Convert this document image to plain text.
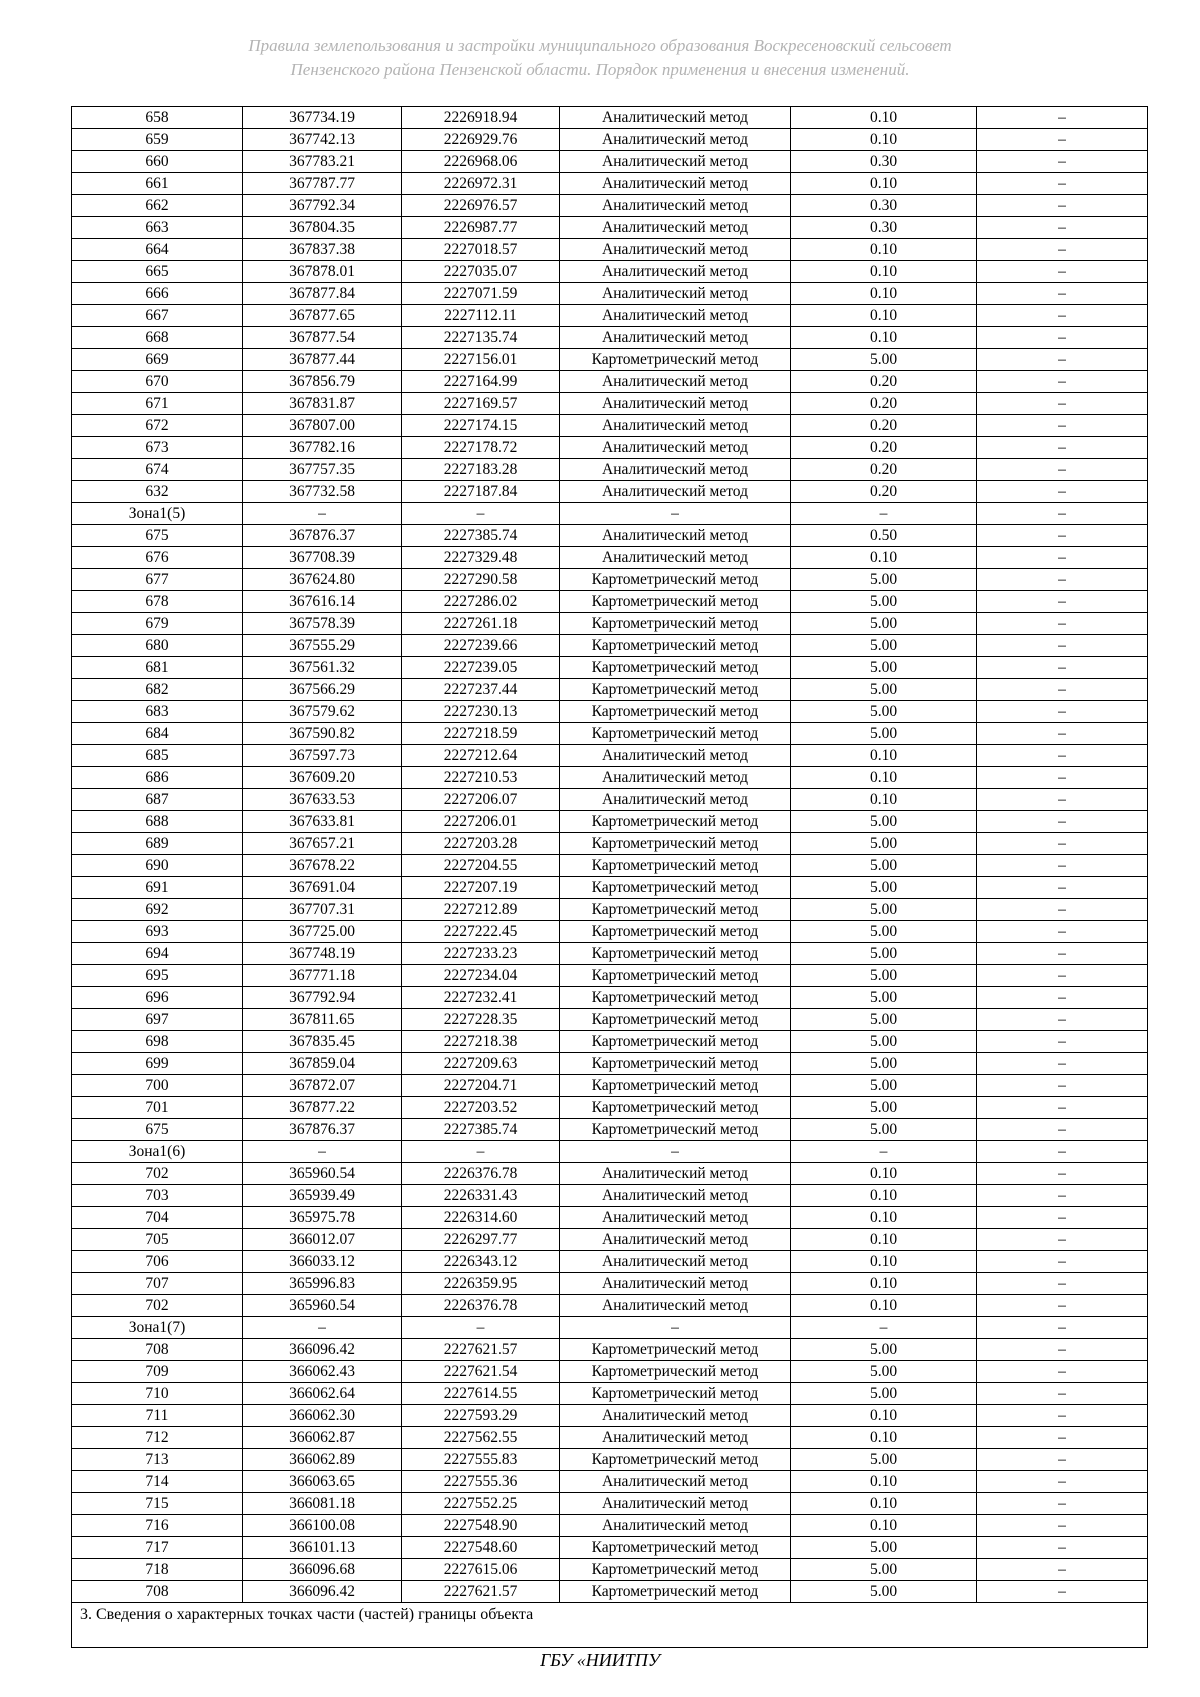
Правила землепользования и застройки муниципального образования Воскресеновский сельсовет
Пензенского района Пензенской области. Порядок применения и внесения изменений.
658	367734.19	2226918.94	Аналитический метод	0.10	–
659	367742.13	2226929.76	Аналитический метод	0.10	–
660	367783.21	2226968.06	Аналитический метод	0.30	–
661	367787.77	2226972.31	Аналитический метод	0.10	–
662	367792.34	2226976.57	Аналитический метод	0.30	–
663	367804.35	2226987.77	Аналитический метод	0.30	–
664	367837.38	2227018.57	Аналитический метод	0.10	–
665	367878.01	2227035.07	Аналитический метод	0.10	–
666	367877.84	2227071.59	Аналитический метод	0.10	–
667	367877.65	2227112.11	Аналитический метод	0.10	–
668	367877.54	2227135.74	Аналитический метод	0.10	–
669	367877.44	2227156.01	Картометрический метод	5.00	–
670	367856.79	2227164.99	Аналитический метод	0.20	–
671	367831.87	2227169.57	Аналитический метод	0.20	–
672	367807.00	2227174.15	Аналитический метод	0.20	–
673	367782.16	2227178.72	Аналитический метод	0.20	–
674	367757.35	2227183.28	Аналитический метод	0.20	–
632	367732.58	2227187.84	Аналитический метод	0.20	–
Зона1(5)	–	–	–	–	–
675	367876.37	2227385.74	Аналитический метод	0.50	–
676	367708.39	2227329.48	Аналитический метод	0.10	–
677	367624.80	2227290.58	Картометрический метод	5.00	–
678	367616.14	2227286.02	Картометрический метод	5.00	–
679	367578.39	2227261.18	Картометрический метод	5.00	–
680	367555.29	2227239.66	Картометрический метод	5.00	–
681	367561.32	2227239.05	Картометрический метод	5.00	–
682	367566.29	2227237.44	Картометрический метод	5.00	–
683	367579.62	2227230.13	Картометрический метод	5.00	–
684	367590.82	2227218.59	Картометрический метод	5.00	–
685	367597.73	2227212.64	Аналитический метод	0.10	–
686	367609.20	2227210.53	Аналитический метод	0.10	–
687	367633.53	2227206.07	Аналитический метод	0.10	–
688	367633.81	2227206.01	Картометрический метод	5.00	–
689	367657.21	2227203.28	Картометрический метод	5.00	–
690	367678.22	2227204.55	Картометрический метод	5.00	–
691	367691.04	2227207.19	Картометрический метод	5.00	–
692	367707.31	2227212.89	Картометрический метод	5.00	–
693	367725.00	2227222.45	Картометрический метод	5.00	–
694	367748.19	2227233.23	Картометрический метод	5.00	–
695	367771.18	2227234.04	Картометрический метод	5.00	–
696	367792.94	2227232.41	Картометрический метод	5.00	–
697	367811.65	2227228.35	Картометрический метод	5.00	–
698	367835.45	2227218.38	Картометрический метод	5.00	–
699	367859.04	2227209.63	Картометрический метод	5.00	–
700	367872.07	2227204.71	Картометрический метод	5.00	–
701	367877.22	2227203.52	Картометрический метод	5.00	–
675	367876.37	2227385.74	Картометрический метод	5.00	–
Зона1(6)	–	–	–	–	–
702	365960.54	2226376.78	Аналитический метод	0.10	–
703	365939.49	2226331.43	Аналитический метод	0.10	–
704	365975.78	2226314.60	Аналитический метод	0.10	–
705	366012.07	2226297.77	Аналитический метод	0.10	–
706	366033.12	2226343.12	Аналитический метод	0.10	–
707	365996.83	2226359.95	Аналитический метод	0.10	–
702	365960.54	2226376.78	Аналитический метод	0.10	–
Зона1(7)	–	–	–	–	–
708	366096.42	2227621.57	Картометрический метод	5.00	–
709	366062.43	2227621.54	Картометрический метод	5.00	–
710	366062.64	2227614.55	Картометрический метод	5.00	–
711	366062.30	2227593.29	Аналитический метод	0.10	–
712	366062.87	2227562.55	Аналитический метод	0.10	–
713	366062.89	2227555.83	Картометрический метод	5.00	–
714	366063.65	2227555.36	Аналитический метод	0.10	–
715	366081.18	2227552.25	Аналитический метод	0.10	–
716	366100.08	2227548.90	Аналитический метод	0.10	–
717	366101.13	2227548.60	Картометрический метод	5.00	–
718	366096.68	2227615.06	Картометрический метод	5.00	–
708	366096.42	2227621.57	Картометрический метод	5.00	–
3. Сведения о характерных точках части (частей) границы объекта					
ГБУ «НИИТПУ
